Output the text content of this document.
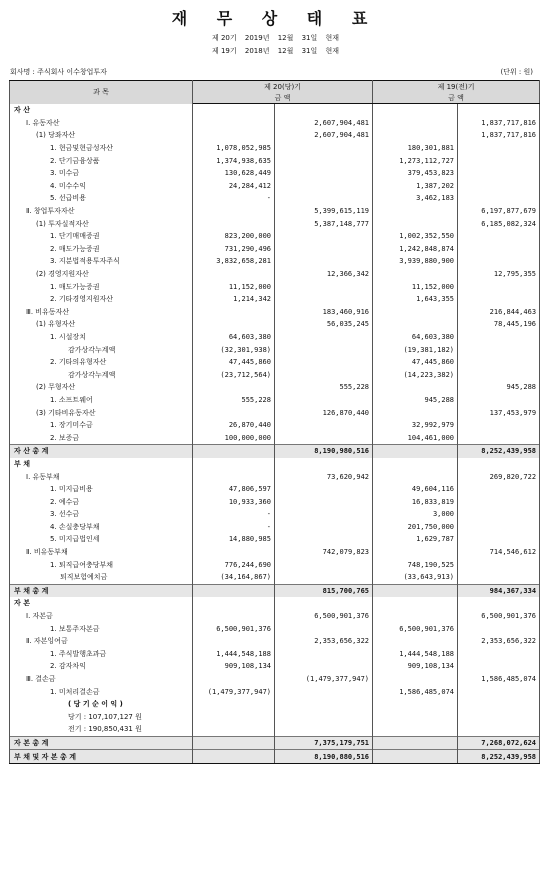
재 무 상 태 표
제 20기 2019년 12월 31일 현재
제 19기 2018년 12월 31일 현재
회사명 : 주식회사 이수창업투자	(단위 : 원)
과 목	제 20(당)기		제 19(전)기	
	금 액		금 액	
자 산				
Ⅰ. 유동자산		2,607,904,481		1,837,717,816
(1) 당좌자산		2,607,904,481		1,837,717,816
1. 현금및현금성자산	1,078,052,985		180,301,881	
2. 단기금융상품	1,374,938,635		1,273,112,727	
3. 미수금	130,628,449		379,453,823	
4. 미수수익	24,284,412		1,387,202	
5. 선급비용	-		3,462,183	
Ⅱ. 창업투자자산		5,399,615,119		6,197,877,679
(1) 투자실적자산		5,387,148,777		6,185,082,324
1. 단기매매증권	823,200,000		1,002,352,550	
2. 매도가능증권	731,290,496		1,242,848,874	
3. 지분법적용투자주식	3,832,658,281		3,939,880,900	
(2) 경영지원자산		12,366,342		12,795,355
1. 매도가능증권	11,152,000		11,152,000	
2. 기타경영지원자산	1,214,342		1,643,355	
Ⅲ. 비유동자산		183,460,916		216,844,463
(1) 유형자산		56,035,245		78,445,196
1. 시설장치	64,603,380		64,603,380	
감가상각누계액	(32,301,938)		(19,381,182)	
2. 기타의유형자산	47,445,860		47,445,860	
감가상각누계액	(23,712,564)		(14,223,382)	
(2) 무형자산		555,228		945,288
1. 소프트웨어	555,228		945,288	
(3) 기타비유동자산		126,870,440		137,453,979
1. 장기미수금	26,870,440		32,992,979	
2. 보증금	100,000,000		104,461,000	
자 산 총 계		8,190,980,516		8,252,439,958
부 채				
Ⅰ. 유동부채		73,620,942		269,820,722
1. 미지급비용	47,806,597		49,604,116	
2. 예수금	10,933,360		16,833,819	
3. 선수금	-		3,000	
4. 손실충당부채	-		201,750,000	
5. 미지급법인세	14,880,985		1,629,787	
Ⅱ. 비유동부채		742,079,823		714,546,612
1. 퇴직급여충당부채	776,244,690		748,190,525	
퇴직보험예치금	(34,164,867)		(33,643,913)	
부 채 총 계		815,700,765		984,367,334
자 본				
Ⅰ. 자본금		6,500,901,376		6,500,901,376
1. 보통주자본금	6,500,901,376		6,500,901,376	
Ⅱ. 자본잉여금		2,353,656,322		2,353,656,322
1. 주식발행초과금	1,444,548,188		1,444,548,188	
2. 감자차익	909,108,134		909,108,134	
Ⅲ. 결손금		(1,479,377,947)		1,586,485,074
1. 미처리결손금	(1,479,377,947)		1,586,485,074	
( 당 기 순 이 익 )				
당기 : 107,107,127 원				
전기 : 190,850,431 원				
자 본 총 계		7,375,179,751		7,268,072,624
부 채 및 자 본 총 계		8,190,880,516		8,252,439,958
